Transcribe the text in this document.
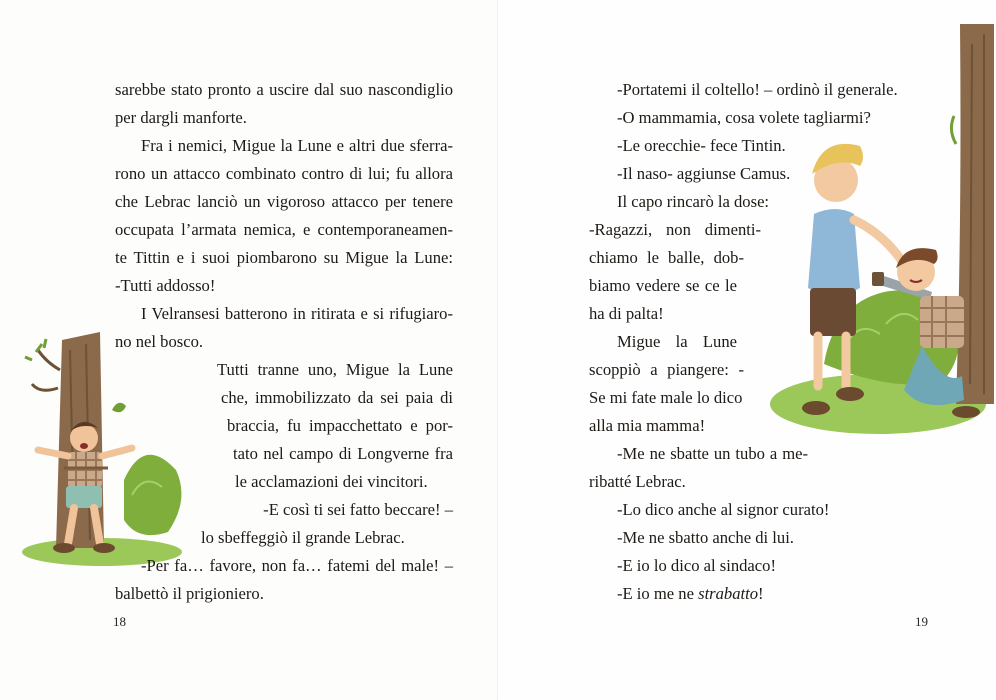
sarebbe stato pronto a uscire dal suo nascondiglio
per dargli manforte.
Fra i nemici, Migue la Lune e altri due sferra-
rono un attacco combinato contro di lui; fu allora
che Lebrac lanciò un vigoroso attacco per tenere
occupata l’armata nemica, e contemporaneamen-
te Tittin e i suoi piombarono su Migue la Lune:
-Tutti addosso!
I Velransesi batterono in ritirata e si rifugiaro-
no nel bosco.
Tutti tranne uno, Migue la Lune
che, immobilizzato da sei paia di
braccia, fu impacchettato e por-
tato nel campo di Longverne fra
le acclamazioni dei vincitori.
-E così ti sei fatto beccare! –
lo sbeffeggiò il grande Lebrac.
-Per fa… favore, non fa… fatemi del male! –
balbettò il prigioniero.
18
-Portatemi il coltello! – ordinò il generale.
-O mammamia, cosa volete tagliarmi?
-Le orecchie- fece Tintin.
-Il naso- aggiunse Camus.
Il capo rincarò la dose:
-Ragazzi, non dimenti-
chiamo le balle, dob-
biamo vedere se ce le
ha di palta!
Migue la Lune
scoppiò a piangere: -
Se mi fate male lo dico
alla mia mamma!
-Me ne sbatte un tubo a me-
ribatté Lebrac.
-Lo dico anche al signor curato!
-Me ne sbatto anche di lui.
-E io lo dico al sindaco!
-E io me ne strabatto!
19
